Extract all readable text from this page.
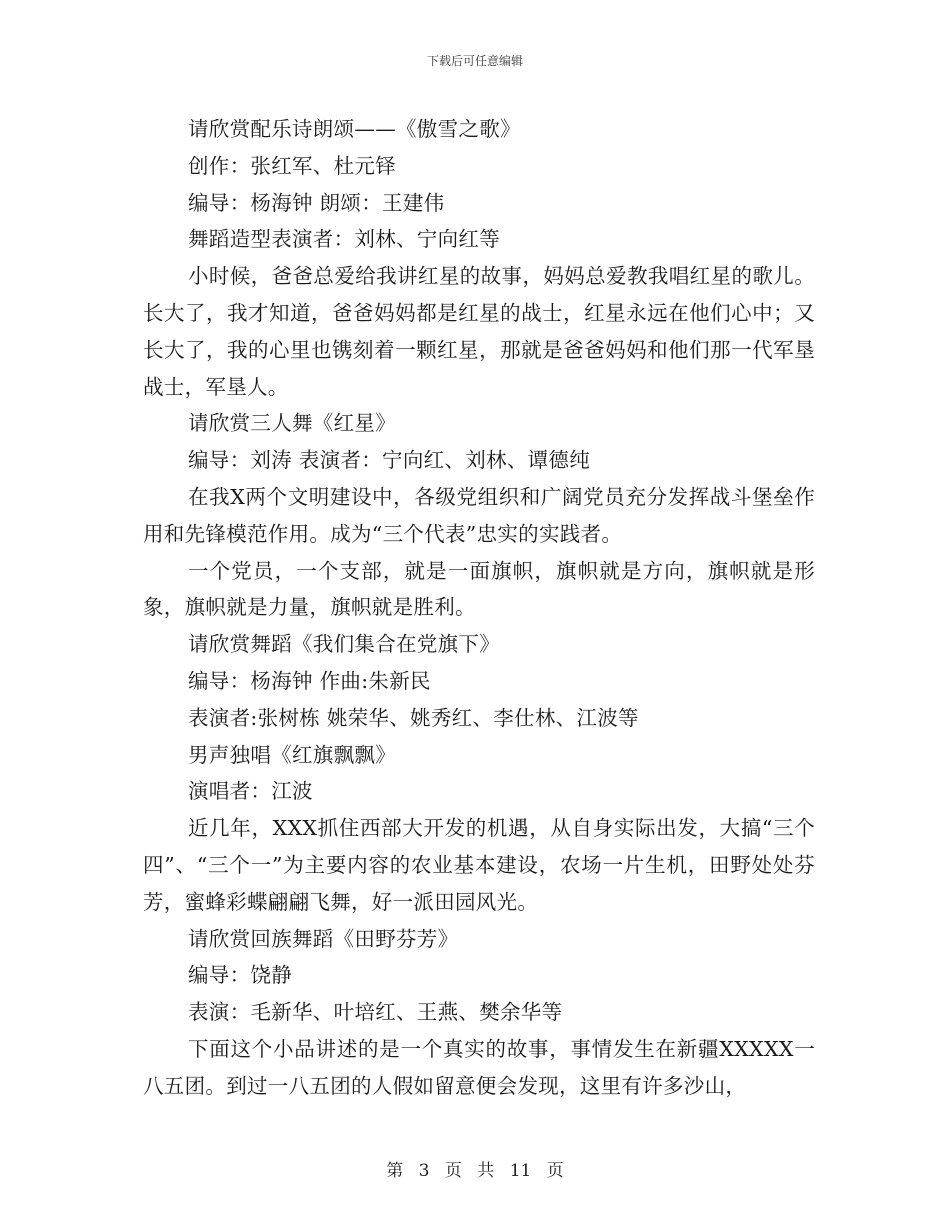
下载后可任意编辑

请欣赏配乐诗朗颂——《傲雪之歌》

创作：张红军、杜元铎

编导：杨海钟 朗颂：王建伟

舞蹈造型表演者：刘林、宁向红等

小时候，爸爸总爱给我讲红星的故事，妈妈总爱教我唱红星的歌儿。长大了，我才知道，爸爸妈妈都是红星的战士，红星永远在他们心中；又长大了，我的心里也镌刻着一颗红星，那就是爸爸妈妈和他们那一代军垦战士，军垦人。

请欣赏三人舞《红星》

编导：刘涛 表演者：宁向红、刘林、谭德纯

在我X两个文明建设中，各级党组织和广阔党员充分发挥战斗堡垒作用和先锋模范作用。成为“三个代表”忠实的实践者。

一个党员，一个支部，就是一面旗帜，旗帜就是方向，旗帜就是形象，旗帜就是力量，旗帜就是胜利。

请欣赏舞蹈《我们集合在党旗下》

编导：杨海钟 作曲:朱新民

表演者:张树栋 姚荣华、姚秀红、李仕林、江波等

男声独唱《红旗飘飘》

演唱者：江波

近几年，XXX抓住西部大开发的机遇，从自身实际出发，大搞“三个四”、“三个一”为主要内容的农业基本建设，农场一片生机，田野处处芬芳，蜜蜂彩蝶翩翩飞舞，好一派田园风光。

请欣赏回族舞蹈《田野芬芳》

编导：饶静

表演：毛新华、叶培红、王燕、樊余华等

下面这个小品讲述的是一个真实的故事，事情发生在新疆XXXXX一八五团。到过一八五团的人假如留意便会发现，这里有许多沙山，

第 3 页 共 11 页
